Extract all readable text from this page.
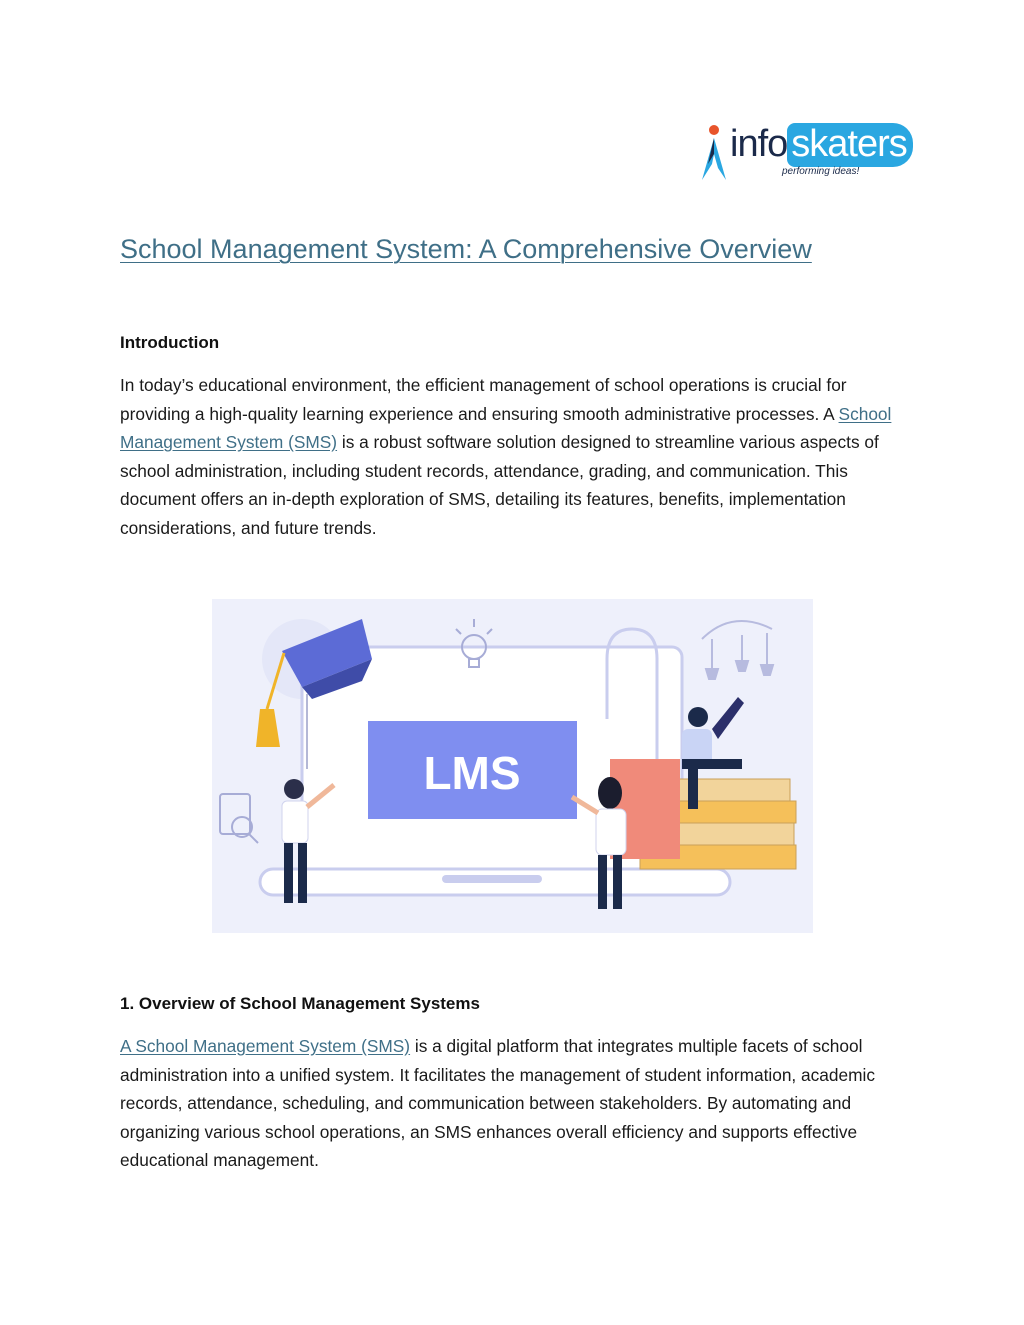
info skaters
performing ideas!
School Management System: A Comprehensive Overview
Introduction

In today’s educational environment, the efficient management of school operations is crucial for providing a high-quality learning experience and ensuring smooth administrative processes. A School Management System (SMS) is a robust software solution designed to streamline various aspects of school administration, including student records, attendance, grading, and communication. This document offers an in-depth exploration of SMS, detailing its features, benefits, implementation considerations, and future trends.

LMS
1. Overview of School Management Systems

A School Management System (SMS) is a digital platform that integrates multiple facets of school administration into a unified system. It facilitates the management of student information, academic records, attendance, scheduling, and communication between stakeholders. By automating and organizing various school operations, an SMS enhances overall efficiency and supports effective educational management.
